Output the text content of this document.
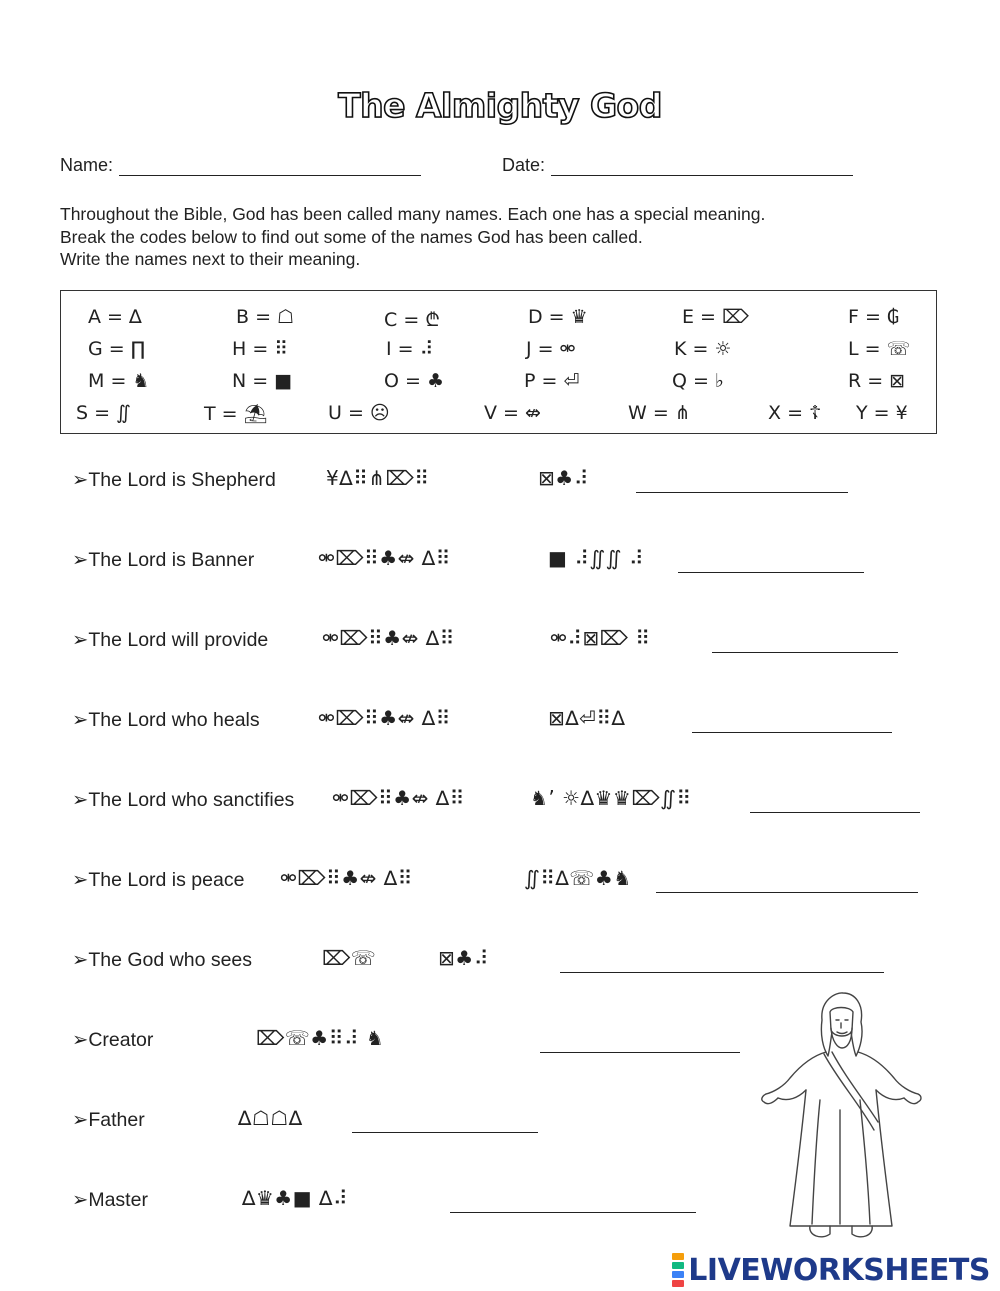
The Almighty God
Name:	Date:
Throughout the Bible, God has been called many names. Each one has a special meaning.
Break the codes below to find out some of the names God has been called.
Write the names next to their meaning.
A = ∆	B = ☖	C = ₾	D = ♛	E = ⌦	F = ₲
G = ∏	H = ⠿	I = ⠼	J = ⚮	K = ☼	L = ☏
M = ♞	N = ■	O = ♣	P = ⏎	Q = ♭	R = ⊠
S = ∬	T = ⛱	U = ☹	V = ⇎	W = ⋔	X = ☦ Y = ¥
➢The Lord is Shepherd	¥∆⠿⋔⌦⠿	⊠♣⠼
➢The Lord is Banner	⚮⌦⠿♣⇎ ∆⠿	■ ⠼∬∬ ⠼
➢The Lord will provide	⚮⌦⠿♣⇎ ∆⠿	⚮⠼⊠⌦ ⠿
➢The Lord who heals	⚮⌦⠿♣⇎ ∆⠿	⊠∆⏎⠿∆
➢The Lord who sanctifies ⚮⌦⠿♣⇎ ∆⠿	♞’ ☼∆♛♛⌦∬⠿
➢The Lord is peace ⚮⌦⠿♣⇎ ∆⠿	∬⠿∆☏♣♞
➢The God who sees	⌦☏	⊠♣⠼
➢Creator	⌦☏♣⠿⠼ ♞
➢Father	∆☖☖∆
➢Master	∆♛♣■ ∆⠼
LIVEWORKSHEETS
